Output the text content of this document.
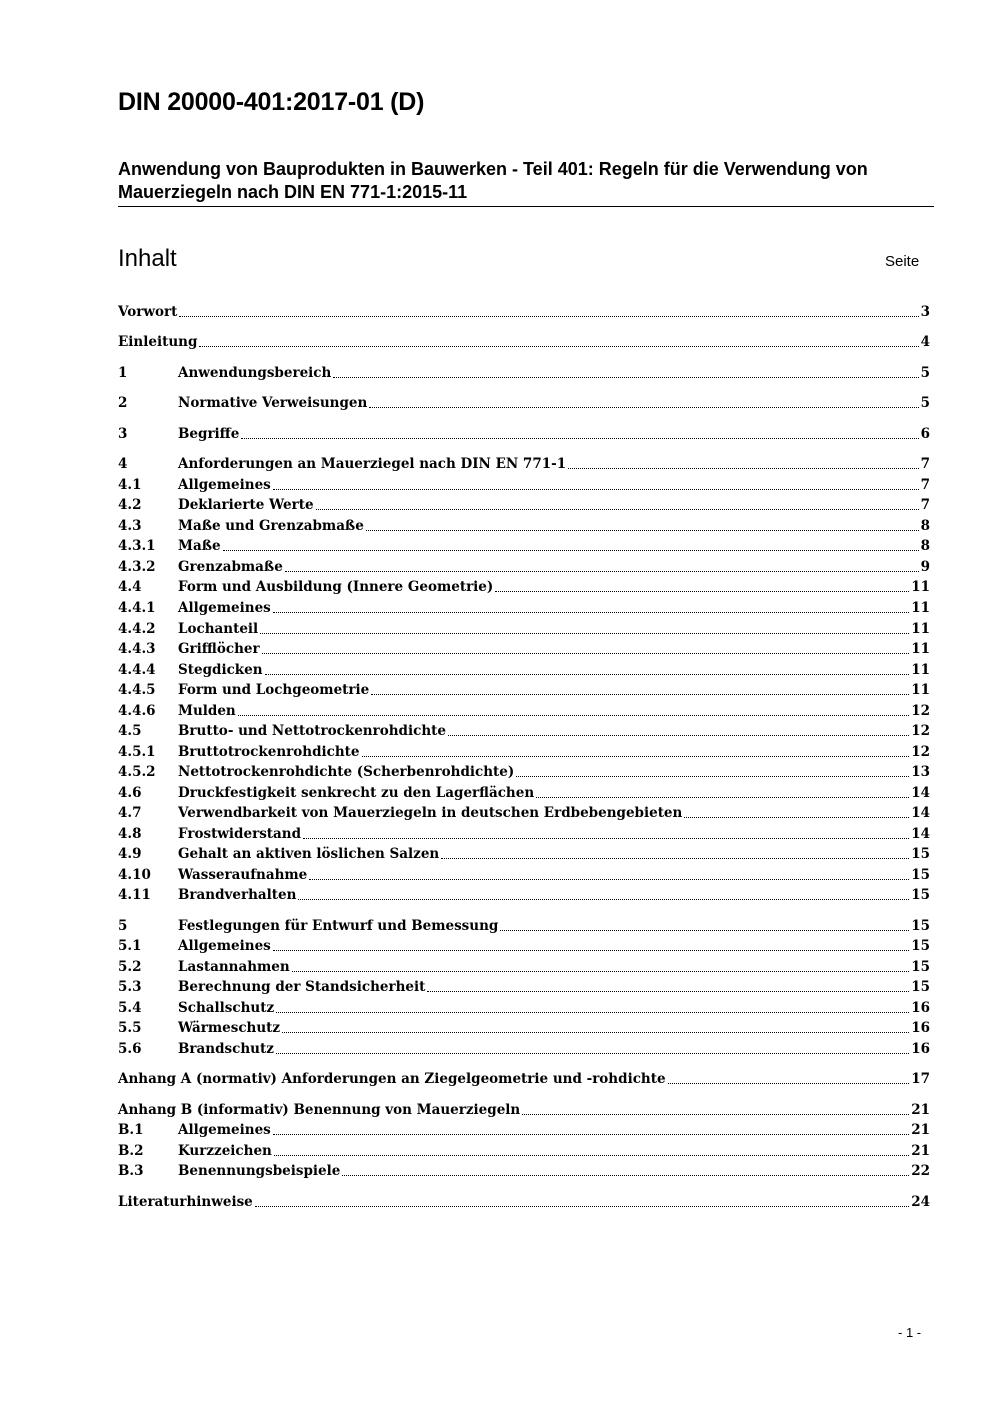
DIN 20000-401:2017-01 (D)
Anwendung von Bauprodukten in Bauwerken - Teil 401: Regeln für die Verwendung von Mauerziegeln nach DIN EN 771-1:2015-11
Inhalt	Seite
Vorwort	3
Einleitung	4
1	Anwendungsbereich	5
2	Normative Verweisungen	5
3	Begriffe	6
4	Anforderungen an Mauerziegel nach DIN EN 771-1	7
4.1	Allgemeines	7
4.2	Deklarierte Werte	7
4.3	Maße und Grenzabmaße	8
4.3.1	Maße	8
4.3.2	Grenzabmaße	9
4.4	Form und Ausbildung (Innere Geometrie)	11
4.4.1	Allgemeines	11
4.4.2	Lochanteil	11
4.4.3	Grifflöcher	11
4.4.4	Stegdicken	11
4.4.5	Form und Lochgeometrie	11
4.4.6	Mulden	12
4.5	Brutto- und Nettotrockenrohdichte	12
4.5.1	Bruttotrockenrohdichte	12
4.5.2	Nettotrockenrohdichte (Scherbenrohdichte)	13
4.6	Druckfestigkeit senkrecht zu den Lagerflächen	14
4.7	Verwendbarkeit von Mauerziegeln in deutschen Erdbebengebieten	14
4.8	Frostwiderstand	14
4.9	Gehalt an aktiven löslichen Salzen	15
4.10	Wasseraufnahme	15
4.11	Brandverhalten	15
5	Festlegungen für Entwurf und Bemessung	15
5.1	Allgemeines	15
5.2	Lastannahmen	15
5.3	Berechnung der Standsicherheit	15
5.4	Schallschutz	16
5.5	Wärmeschutz	16
5.6	Brandschutz	16
Anhang A (normativ) Anforderungen an Ziegelgeometrie und -rohdichte	17
Anhang B (informativ) Benennung von Mauerziegeln	21
B.1	Allgemeines	21
B.2	Kurzzeichen	21
B.3	Benennungsbeispiele	22
Literaturhinweise	24
- 1 -
